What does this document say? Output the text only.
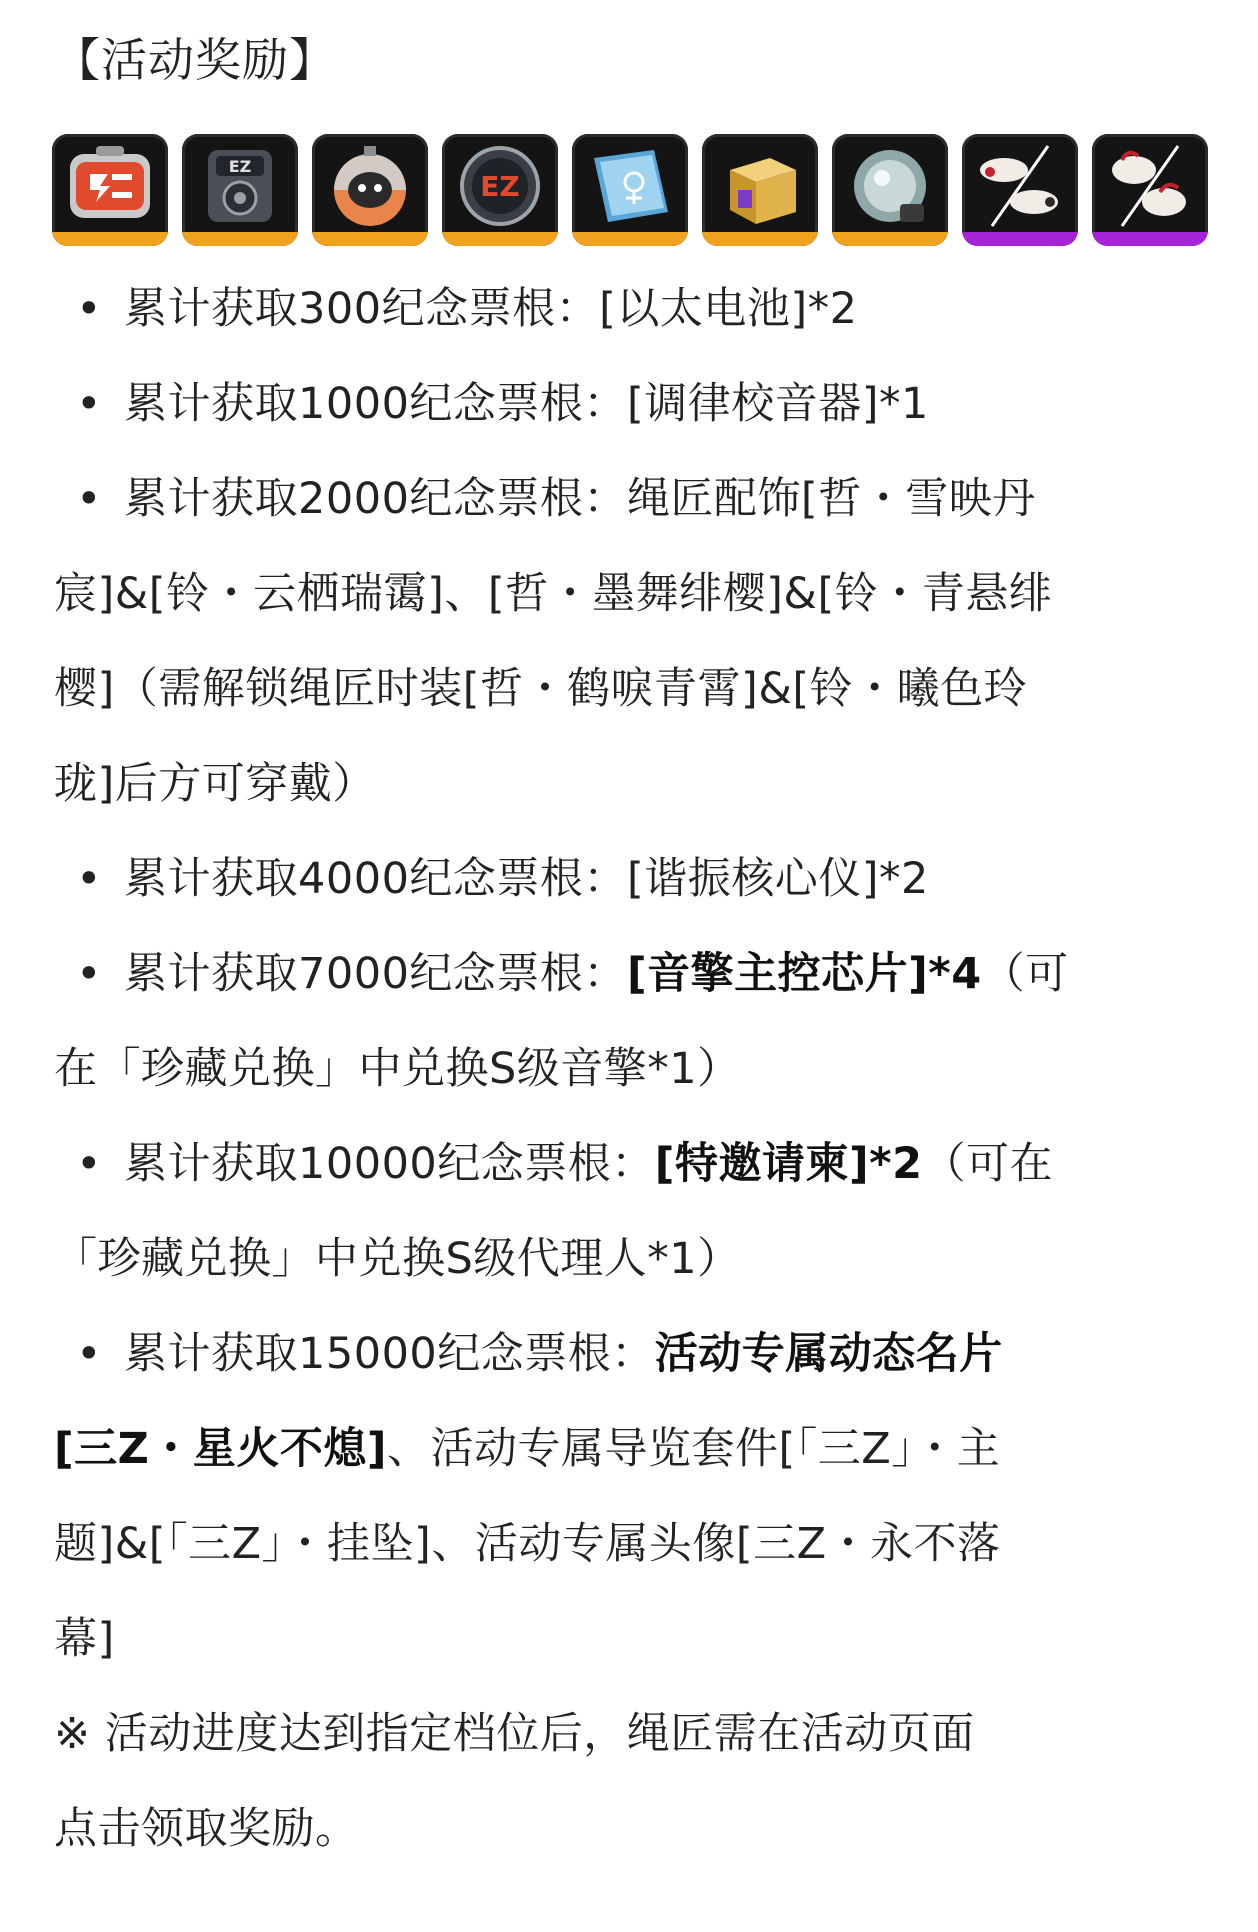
【活动奖励】
EZ
EZ

• 累计获取300纪念票根：[以太电池]*2

• 累计获取1000纪念票根：[调律校音器]*1

• 累计获取2000纪念票根：绳匠配饰[哲・雪映丹
宸]&[铃・云栖瑞霭]、[哲・墨舞绯樱]&[铃・青悬绯
樱]（需解锁绳匠时装[哲・鹤唳青霄]&[铃・曦色玲
珑]后方可穿戴）

• 累计获取4000纪念票根：[谐振核心仪]*2

• 累计获取7000纪念票根：[音擎主控芯片]*4（可
在「珍藏兑换」中兑换S级音擎*1）

• 累计获取10000纪念票根：[特邀请柬]*2（可在
「珍藏兑换」中兑换S级代理人*1）

• 累计获取15000纪念票根：活动专属动态名片
[三Z・星火不熄]、活动专属导览套件[「三Z」・主
题]&[「三Z」・挂坠]、活动专属头像[三Z・永不落
幕]

※ 活动进度达到指定档位后，绳匠需在活动页面
点击领取奖励。
